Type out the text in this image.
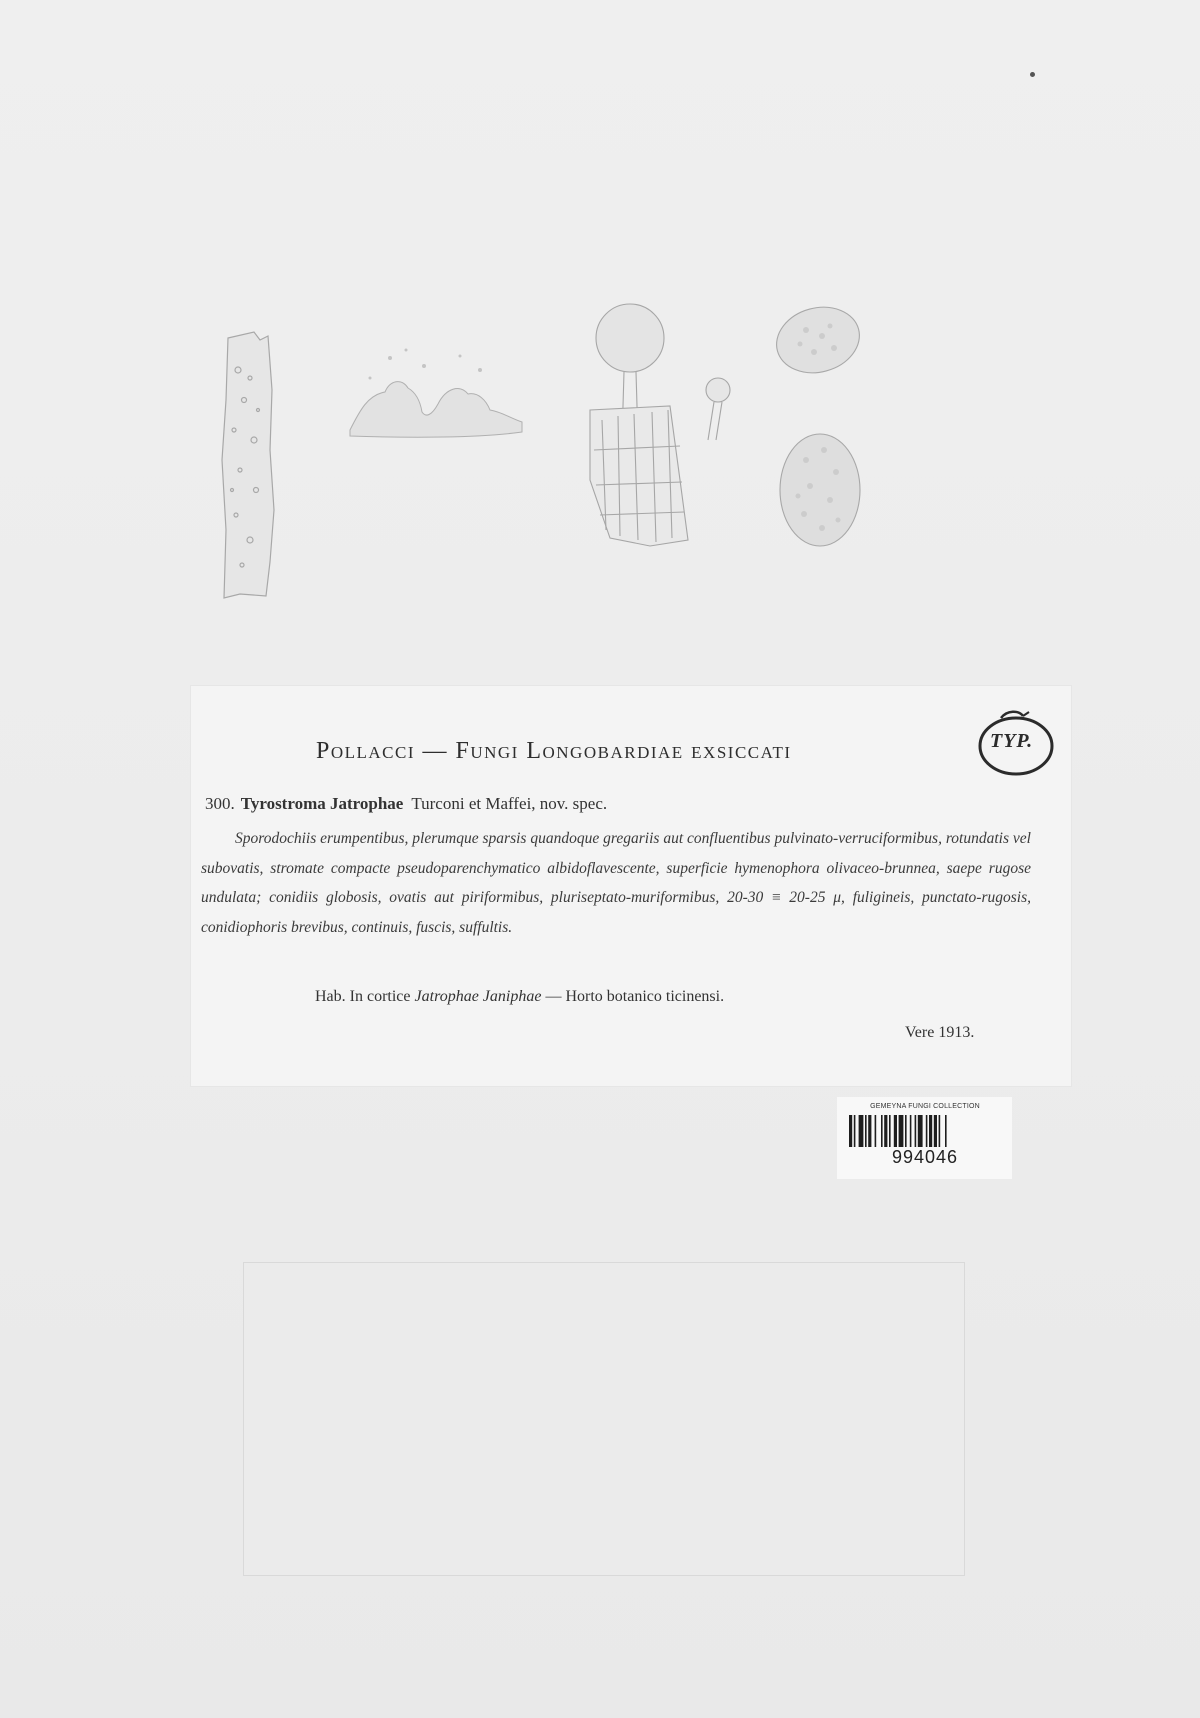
Pollacci — Fungi Longobardiae exsiccati	TYP.
300. Tyrostroma Jatrophae Turconi et Maffei, nov. spec.
Sporodochiis erumpentibus, plerumque sparsis quandoque gregariis aut confluentibus pulvinato-verruciformibus, rotundatis vel subovatis, stromate compacte pseudoparenchymatico albidoflavescente, superficie hymenophora olivaceo-brunnea, saepe rugose undulata; conidiis globosis, ovatis aut piriformibus, pluriseptato-muriformibus, 20-30 ≡ 20-25 μ, fuligineis, punctato-rugosis, conidiophoris brevibus, continuis, fuscis, suffultis.
Hab. In cortice Jatrophae Janiphae — Horto botanico ticinensi.
Vere 1913.
GEMEYNA FUNGI COLLECTION
994046
